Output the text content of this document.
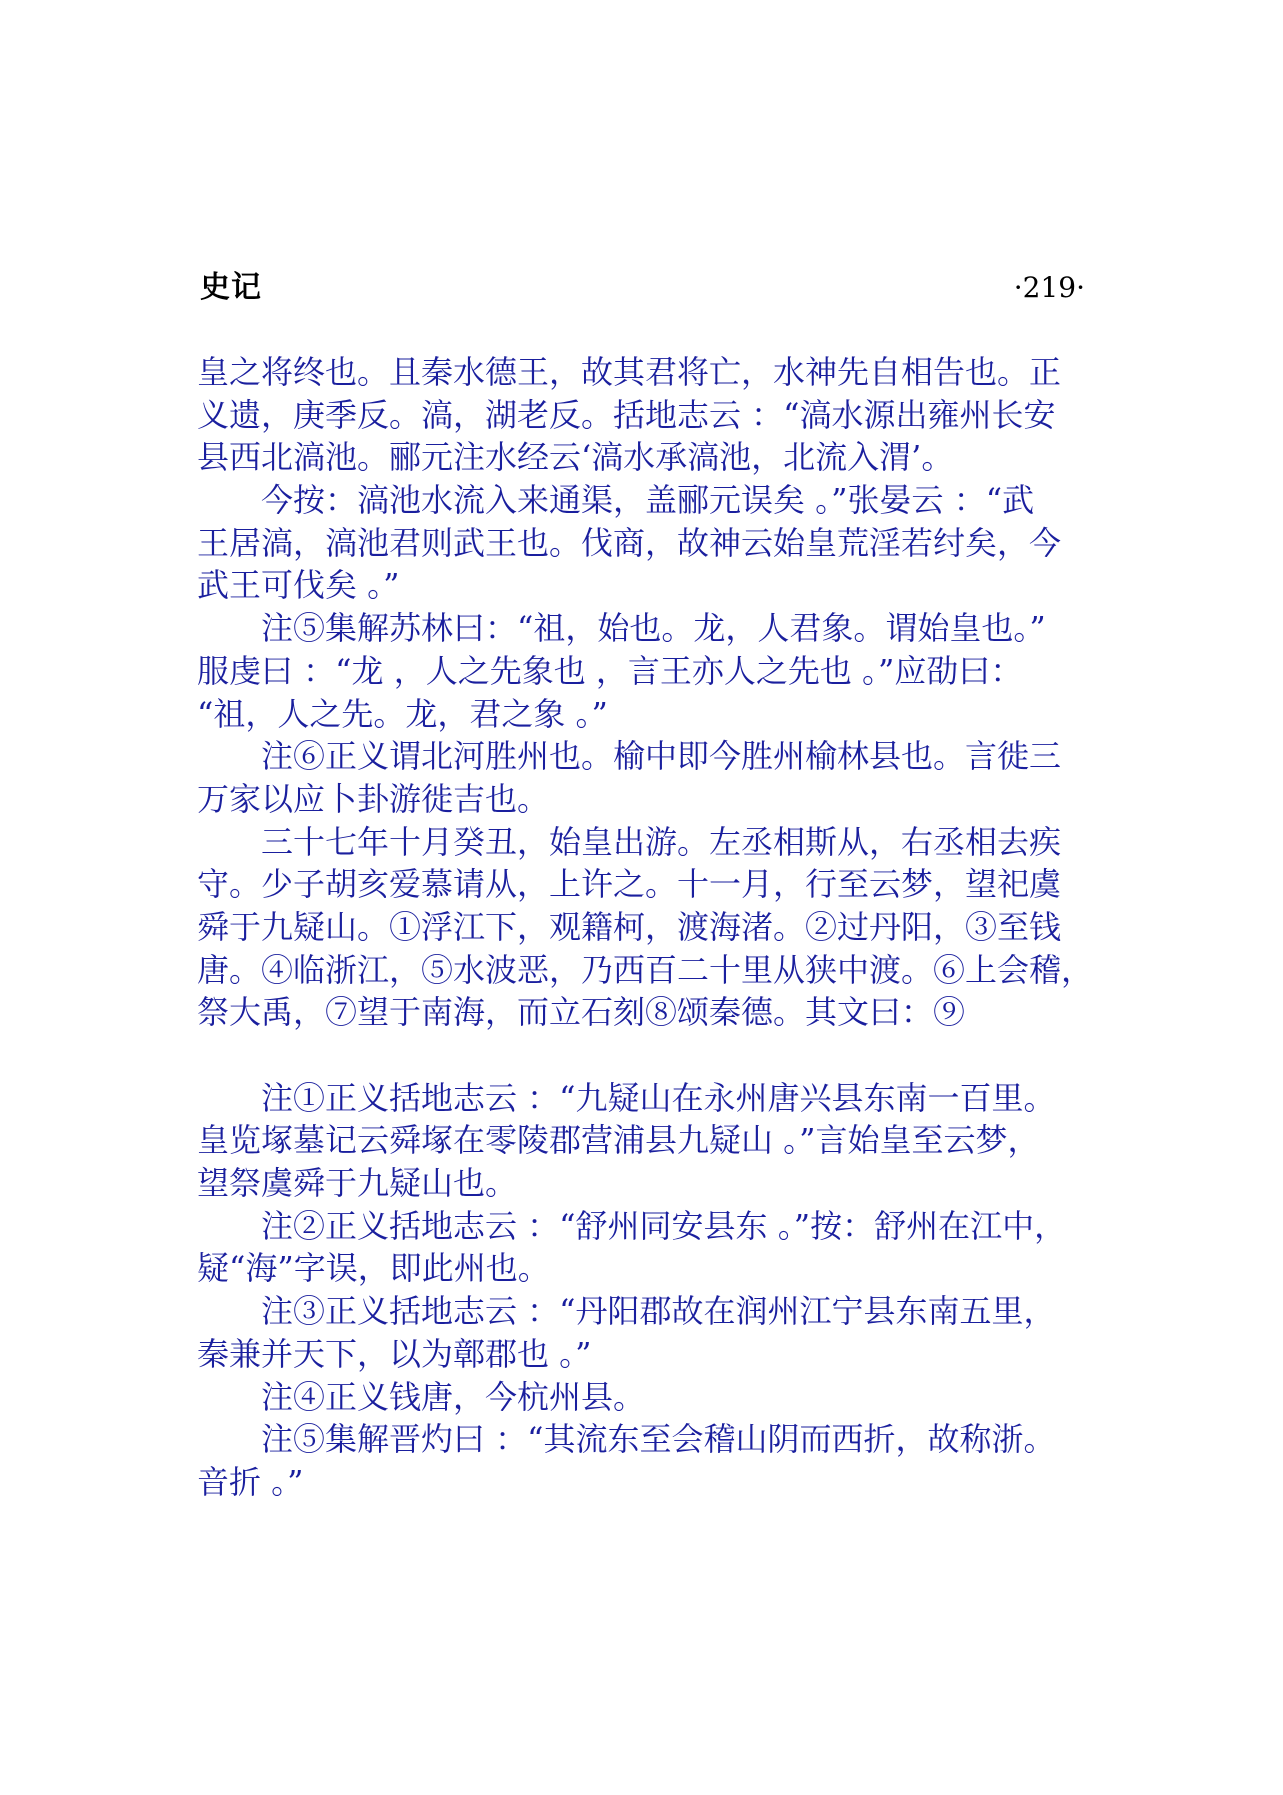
史记	·219·
皇之将终也。且秦水德王，故其君将亡，水神先自相告也。正
义遗，庚季反。滈，湖老反。括地志云 ：“滈水源出雍州长安
县西北滈池。郦元注水经云‘滈水承滈池，北流入渭’。
今按：滈池水流入来通渠，盖郦元误矣 。”张晏云 ：“武
王居滈，滈池君则武王也。伐商，故神云始皇荒淫若纣矣，今
武王可伐矣 。”
注⑤集解苏林曰：“祖，始也。龙，人君象。谓始皇也。”
服虔曰 ：“龙 ，人之先象也 ，言王亦人之先也 。”应劭曰：
“祖，人之先。龙，君之象 。”
注⑥正义谓北河胜州也。榆中即今胜州榆林县也。言徙三
万家以应卜卦游徙吉也。
三十七年十月癸丑，始皇出游。左丞相斯从，右丞相去疾
守。少子胡亥爱慕请从，上许之。十一月，行至云梦，望祀虞
舜于九疑山。①浮江下，观籍柯，渡海渚。②过丹阳，③至钱
唐。④临浙江，⑤水波恶，乃西百二十里从狭中渡。⑥上会稽，
祭大禹，⑦望于南海，而立石刻⑧颂秦德。其文曰：⑨
注①正义括地志云 ：“九疑山在永州唐兴县东南一百里。
皇览塚墓记云舜塚在零陵郡营浦县九疑山 。”言始皇至云梦，
望祭虞舜于九疑山也。
注②正义括地志云 ：“舒州同安县东 。”按：舒州在江中，
疑“海”字误，即此州也。
注③正义括地志云 ：“丹阳郡故在润州江宁县东南五里，
秦兼并天下，以为鄣郡也 。”
注④正义钱唐，今杭州县。
注⑤集解晋灼曰 ：“其流东至会稽山阴而西折，故称浙。
音折 。”
